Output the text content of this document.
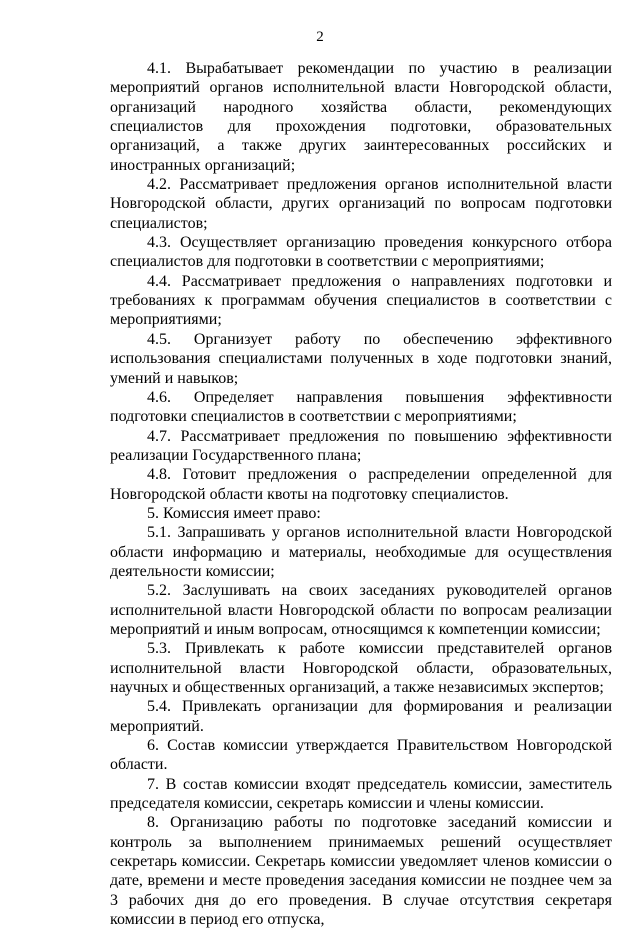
2

4.1. Вырабатывает рекомендации по участию в реализации мероприятий органов исполнительной власти Новгородской области, организаций народного хозяйства области, рекомендующих специалистов для прохождения подготовки, образовательных организаций, а также других заинтересованных российских и иностранных организаций;

4.2. Рассматривает предложения органов исполнительной власти Новгородской области, других организаций по вопросам подготовки специалистов;

4.3. Осуществляет организацию проведения конкурсного отбора специалистов для подготовки в соответствии с мероприятиями;

4.4. Рассматривает предложения о направлениях подготовки и требованиях к программам обучения специалистов в соответствии с мероприятиями;

4.5. Организует работу по обеспечению эффективного использования специалистами полученных в ходе подготовки знаний, умений и навыков;

4.6. Определяет направления повышения эффективности подготовки специалистов в соответствии с мероприятиями;

4.7. Рассматривает предложения по повышению эффективности реализации Государственного плана;

4.8. Готовит предложения о распределении определенной для Новгородской области квоты на подготовку специалистов.

5. Комиссия имеет право:

5.1. Запрашивать у органов исполнительной власти Новгородской области информацию и материалы, необходимые для осуществления деятельности комиссии;

5.2. Заслушивать на своих заседаниях руководителей органов исполнительной власти Новгородской области по вопросам реализации мероприятий и иным вопросам, относящимся к компетенции комиссии;

5.3. Привлекать к работе комиссии представителей органов исполнительной власти Новгородской области, образовательных, научных и общественных организаций, а также независимых экспертов;

5.4. Привлекать организации для формирования и реализации мероприятий.

6. Состав комиссии утверждается Правительством Новгородской области.

7. В состав комиссии входят председатель комиссии, заместитель председателя комиссии, секретарь комиссии и члены комиссии.

8. Организацию работы по подготовке заседаний комиссии и контроль за выполнением принимаемых решений осуществляет секретарь комиссии. Секретарь комиссии уведомляет членов комиссии о дате, времени и месте проведения заседания комиссии не позднее чем за 3 рабочих дня до его проведения. В случае отсутствия секретаря комиссии в период его отпуска,
